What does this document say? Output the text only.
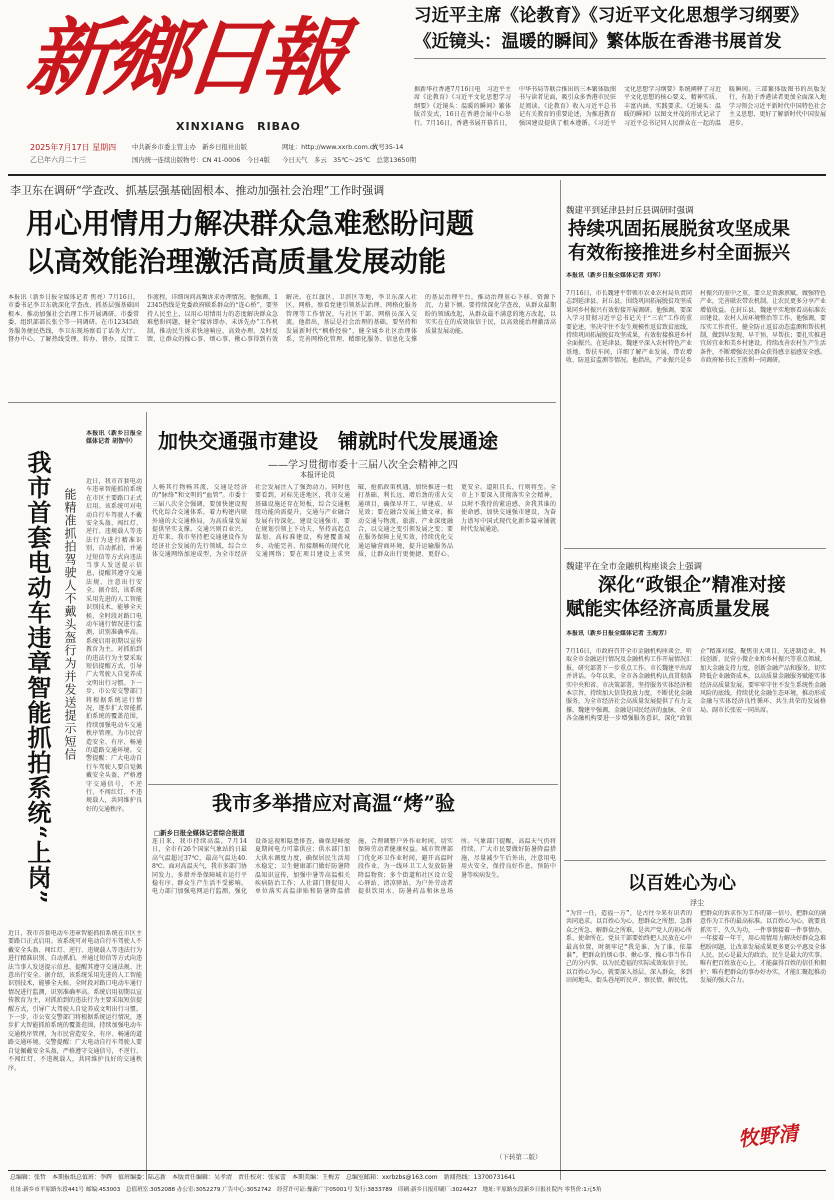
新鄉日報
XINXIANG　RIBAO
2025年7月17日 星期四
乙巳年六月二十三
中共新乡市委主管主办　新乡日报社出版
国内统一连续出版物号：CN 41-0006　今日4版
网址：http://www.xxrb.com.cn
代号35-14
今日天气　多云　35℃～25℃　总第13650期
习近平主席《论教育》《习近平文化思想学习纲要》
《近镜头：温暖的瞬间》繁体版在香港书展首发
据新华社香港7月16日电　习近平主席《论教育》《习近平文化思想学习纲要》《近镜头：温暖的瞬间》繁体版首发式，16日在香港会展中心举行。7月16日，香港书展开幕首日，中华书局等联合推出的三本繁体版图书与读者见面，吸引众多香港市民驻足阅读。《论教育》收入习近平总书记有关教育的重要论述，为推进教育强国建设提供了根本遵循。《习近平文化思想学习纲要》系统阐释了习近平文化思想的核心要义、精神实质、丰富内涵、实践要求。《近镜头：温暖的瞬间》以图文并茂的形式记录了习近平总书记同人民群众在一起的温暖瞬间。三部繁体版图书的出版发行，有助于香港读者更加全面深入地学习领会习近平新时代中国特色社会主义思想，更好了解新时代中国发展进步。
李卫东在调研“学查改、抓基层强基础固根本、推动加强社会治理”工作时强调
用心用情用力解决群众急难愁盼问题
以高效能治理激活高质量发展动能
本报讯（新乡日报全媒体记者 焦亮）7月16日，市委书记李卫东就深化学查改、抓基层强基础固根本、推动加强社会治理工作开展调研。市委常委、组织部部长张仝等一同调研。在市12345政务服务便民热线，李卫东现场察看了话务大厅、督办中心，了解热线受理、转办、督办、反馈工作流程，详细询问高频诉求办理情况。他强调，12345热线是党委政府联系群众的“连心桥”，要坚持人民至上，以用心用情用力的态度解决群众急难愁盼问题，健全“接诉即办、未诉先办”工作机制，推动民生诉求快速响应、高效办理、及时反馈，让群众的操心事、烦心事、揪心事得到有效解决。在红旗区、卫滨区等地，李卫东深入社区、网格，察看党建引领基层治理、网格化服务管理等工作情况，与社区干部、网格员深入交流。他指出，基层是社会治理的基础，要坚持和发展新时代“枫桥经验”，健全城乡社区治理体系，完善网格化管理、精细化服务、信息化支撑的基层治理平台，推动治理重心下移、资源下沉、力量下倾。要持续深化学查改，从群众最期盼的领域改起，从群众最不满意的地方改起，以实实在在的成效取信于民，以高效能治理激活高质量发展动能。
本报讯（新乡日报全媒体记者 胡智中）
我市首套电动车违章智能抓拍系统“上岗” 能精准抓拍驾驶人不戴头盔行为并发送提示短信
近日，我市首套电动车违章智能抓拍系统在市区主要路口正式启用。该系统可对电动自行车驾驶人不戴安全头盔、闯红灯、逆行、违规载人等违法行为进行精准识别、自动抓拍，并通过短信等方式向违法当事人发送提示信息，提醒其遵守交通法规、注意出行安全。据介绍，该系统采用先进的人工智能识别技术，能够全天候、全时段对路口电动车通行情况进行监测，识别准确率高。系统启用初期以宣传教育为主，对抓拍到的违法行为主要采取短信提醒方式，引导广大驾驶人自觉养成文明出行习惯。下一步，市公安交警部门将根据系统运行情况，逐步扩大智能抓拍系统的覆盖范围，持续加强电动车交通秩序管理，为市民营造安全、有序、畅通的道路交通环境。交警提醒：广大电动自行车驾驶人要自觉佩戴安全头盔，严格遵守交通信号，不逆行、不闯红灯、不违规载人，共同维护良好的交通秩序。
近日，我市首套电动车违章智能抓拍系统在市区主要路口正式启用。该系统可对电动自行车驾驶人不戴安全头盔、闯红灯、逆行、违规载人等违法行为进行精准识别、自动抓拍，并通过短信等方式向违法当事人发送提示信息，提醒其遵守交通法规、注意出行安全。据介绍，该系统采用先进的人工智能识别技术，能够全天候、全时段对路口电动车通行情况进行监测，识别准确率高。系统启用初期以宣传教育为主，对抓拍到的违法行为主要采取短信提醒方式，引导广大驾驶人自觉养成文明出行习惯。下一步，市公安交警部门将根据系统运行情况，逐步扩大智能抓拍系统的覆盖范围，持续加强电动车交通秩序管理，为市民营造安全、有序、畅通的道路交通环境。交警提醒：广大电动自行车驾驶人要自觉佩戴安全头盔，严格遵守交通信号，不逆行、不闯红灯、不违规载人，共同维护良好的交通秩序。
加快交通强市建设　铺就时代发展通途
——学习贯彻市委十三届八次全会精神之四
本报评论员
人畅其行物畅其流，交通是经济的“脉络”和文明的“血管”。市委十三届八次全会强调，要加快建设现代化综合交通体系，着力构建内联外通的大交通格局，为高质量发展提供坚实支撑。交通兴则百业兴。近年来，我市坚持把交通建设作为经济社会发展的先行领域，综合立体交通网络加速成型，为全市经济社会发展注入了强劲动力。同时也要看到，对标先进地区，我市交通基础设施还存在短板，综合交通枢纽功能尚需提升，交通与产业融合发展有待深化。建设交通强市，要在规划引领上下功夫，坚持高起点谋划、高标准建设，构建覆盖城乡、功能完善、衔接顺畅的现代化交通网络；要在项目建设上求突破，抢抓政策机遇，加快推进一批打基础、利长远、增后劲的重大交通项目，确保早开工、早建成、早见效；要在融合发展上做文章，推动交通与物流、旅游、产业深度融合，以交通之变引领发展之变；要在服务保障上见实效，持续优化交通运输营商环境，提升运输服务品质，让群众出行更便捷、更舒心、更安全。道阻且长，行则将至。全市上下要深入贯彻落实全会精神，以时不我待的紧迫感、舍我其谁的使命感，加快交通强市建设，为奋力谱写中国式现代化新乡篇章铺就时代发展通途。
我市多举措应对高温“烤”验
□新乡日报全媒体记者综合报道
连日来，我市持续高温，7月14日，全市有26个国家气象站的日最高气温超过37℃，最高气温达40.8℃。面对高温天气，我市多部门协同发力，多措并举保障城市运行平稳有序、群众生产生活不受影响。电力部门加强电网运行监测，强化设备巡视和隐患排查，确保迎峰度夏期间电力可靠供应；供水部门加大供水调度力度，确保居民生活用水稳定；卫生健康部门做好防暑降温知识宣传，加强中暑等高温相关疾病防治工作；人社部门督促用人单位落实高温津贴和防暑降温措施，合理调整户外作业时间，切实保障劳动者健康权益。城市管理部门优化环卫作业时间，避开高温时段作业，为一线环卫工人发放防暑降温物资；多个街道和社区设立爱心驿站、清凉驿站，为户外劳动者提供饮用水、防暑药品和休息场所。气象部门提醒，高温天气仍将持续，广大市民要做好防暑降温措施，尽量减少午后外出，注意用电用火安全，保持良好作息，预防中暑等疾病发生。
（下转第二版）
魏建平到延津县封丘县调研时强调
持续巩固拓展脱贫攻坚成果
有效衔接推进乡村全面振兴
本报讯（新乡日报全媒体记者 刘军）
7月16日，市长魏建平带领市农业农村局负责同志到延津县、封丘县，围绕巩固拓展脱贫攻坚成果同乡村振兴有效衔接开展调研。他强调，要深入学习贯彻习近平总书记关于“三农”工作的重要论述，坚决守住不发生规模性返贫致贫底线，持续巩固拓展脱贫攻坚成果，有效衔接推进乡村全面振兴。在延津县，魏建平深入农村特色产业基地、帮扶车间，详细了解产业发展、带农增收、防返贫监测等情况。他指出，产业振兴是乡村振兴的重中之重，要立足资源禀赋，做强特色产业，完善联农带农机制，让农民更多分享产业增值收益。在封丘县，魏建平实地察看高标准农田建设、农村人居环境整治等工作。他强调，要压实工作责任，健全防止返贫动态监测和帮扶机制，做到早发现、早干预、早帮扶；要扎实推进宜居宜业和美乡村建设，持续改善农村生产生活条件，不断增强农民群众获得感幸福感安全感。市政府秘书长王胜利一同调研。
魏建平在全市金融机构座谈会上强调
深化“政银企”精准对接
赋能实体经济高质量发展
本报讯（新乡日报全媒体记者 王海芳）
7月16日，市政府召开全市金融机构座谈会，听取全市金融运行情况及金融机构工作开展情况汇报，研究部署下一步重点工作。市长魏建平出席并讲话。今年以来，全市各金融机构认真贯彻落实中央和省、市决策部署，坚持服务实体经济根本宗旨，持续加大信贷投放力度，不断优化金融服务，为全市经济社会高质量发展提供了有力支撑。魏建平强调，金融是国民经济的血脉，全市各金融机构要进一步增强服务意识，深化“政银企”精准对接，聚焦重大项目、先进制造业、科技创新、民营小微企业和乡村振兴等重点领域，加大金融支持力度，创新金融产品和服务，切实降低企业融资成本，以高质量金融服务赋能实体经济高质量发展。要牢牢守住不发生系统性金融风险的底线，持续优化金融生态环境，推动形成金融与实体经济良性循环、共生共荣的发展格局。副市长张宏一同出席。
以百姓心为心
浮尘
“为官一任，造福一方”，是古往今来有识者的共同追求。以百姓心为心，想群众之所想、急群众之所急、解群众之所难，是共产党人的初心所系、使命所在。党员干部要始终把人民放在心中最高位置，时刻牢记“我是谁、为了谁、依靠谁”，把群众的烦心事、揪心事、操心事当作自己的分内事，以为民造福的实际成效取信于民。以百姓心为心，就要深入基层、深入群众，多到田间地头、街头巷尾听民声、察民情、解民忧，把群众的诉求作为工作的第一信号，把群众的满意作为工作的最高标准。以百姓心为心，就要真抓实干、久久为功，一件事情接着一件事情办，一年接着一年干，用心用情用力解决好群众急难愁盼问题，让改革发展成果更多更公平惠及全体人民。民心是最大的政治，民生是最大的实事。唯有把百姓放在心上，才能赢得百姓的信任和拥护；唯有把群众的事办好办实，才能汇聚起推动发展的强大合力。
牧野清
总编辑：张哲　本期报纸总值班：李辉　值班编委：陆志新　本版责任编辑：吴孝清　责任校对：张家蕾　本期美编：王梅芳　总编室邮箱：xxrbzbs@163.com　新闻热线：13700731641
社址:新乡市平原路东段441号 邮编:453003　总值班室:3052088 办公室:3052279 广告中心:3052742　经营许可证:豫新广字05001号 发行:3833789　印刷:新乡日报印刷厂:3024427　地址:平原路东段新乡日报社院内 零售价:1元5角
